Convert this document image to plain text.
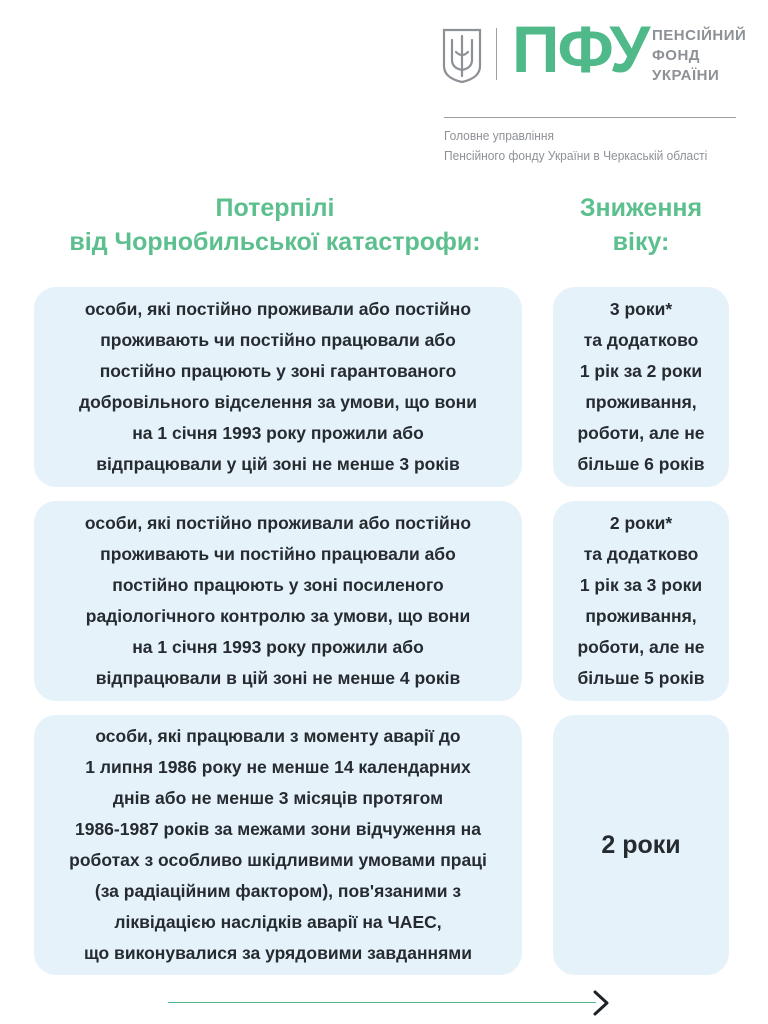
ПФУ ПЕНСІЙНИЙ
ФОНД
УКРАЇНИ
Головне управління
Пенсійного фонду України в Черкаській області
Потерпілі
від Чорнобильської катастрофи:
Зниження
віку:
особи, які постійно проживали або постійно
проживають чи постійно працювали або
постійно працюють у зоні гарантованого
добровільного відселення за умови, що вони
на 1 січня 1993 року прожили або
відпрацювали у цій зоні не менше 3 років
3 роки*
та додатково
1 рік за 2 роки
проживання,
роботи, але не
більше 6 років
особи, які постійно проживали або постійно
проживають чи постійно працювали або
постійно працюють у зоні посиленого
радіологічного контролю за умови, що вони
на 1 січня 1993 року прожили або
відпрацювали в цій зоні не менше 4 років
2 роки*
та додатково
1 рік за 3 роки
проживання,
роботи, але не
більше 5 років
особи, які працювали з моменту аварії до
1 липня 1986 року не менше 14 календарних
днів або не менше 3 місяців протягом
1986-1987 років за межами зони відчуження на
роботах з особливо шкідливими умовами праці
(за радіаційним фактором), пов'язаними з
ліквідацією наслідків аварії на ЧАЕС,
що виконувалися за урядовими завданнями
2 роки
